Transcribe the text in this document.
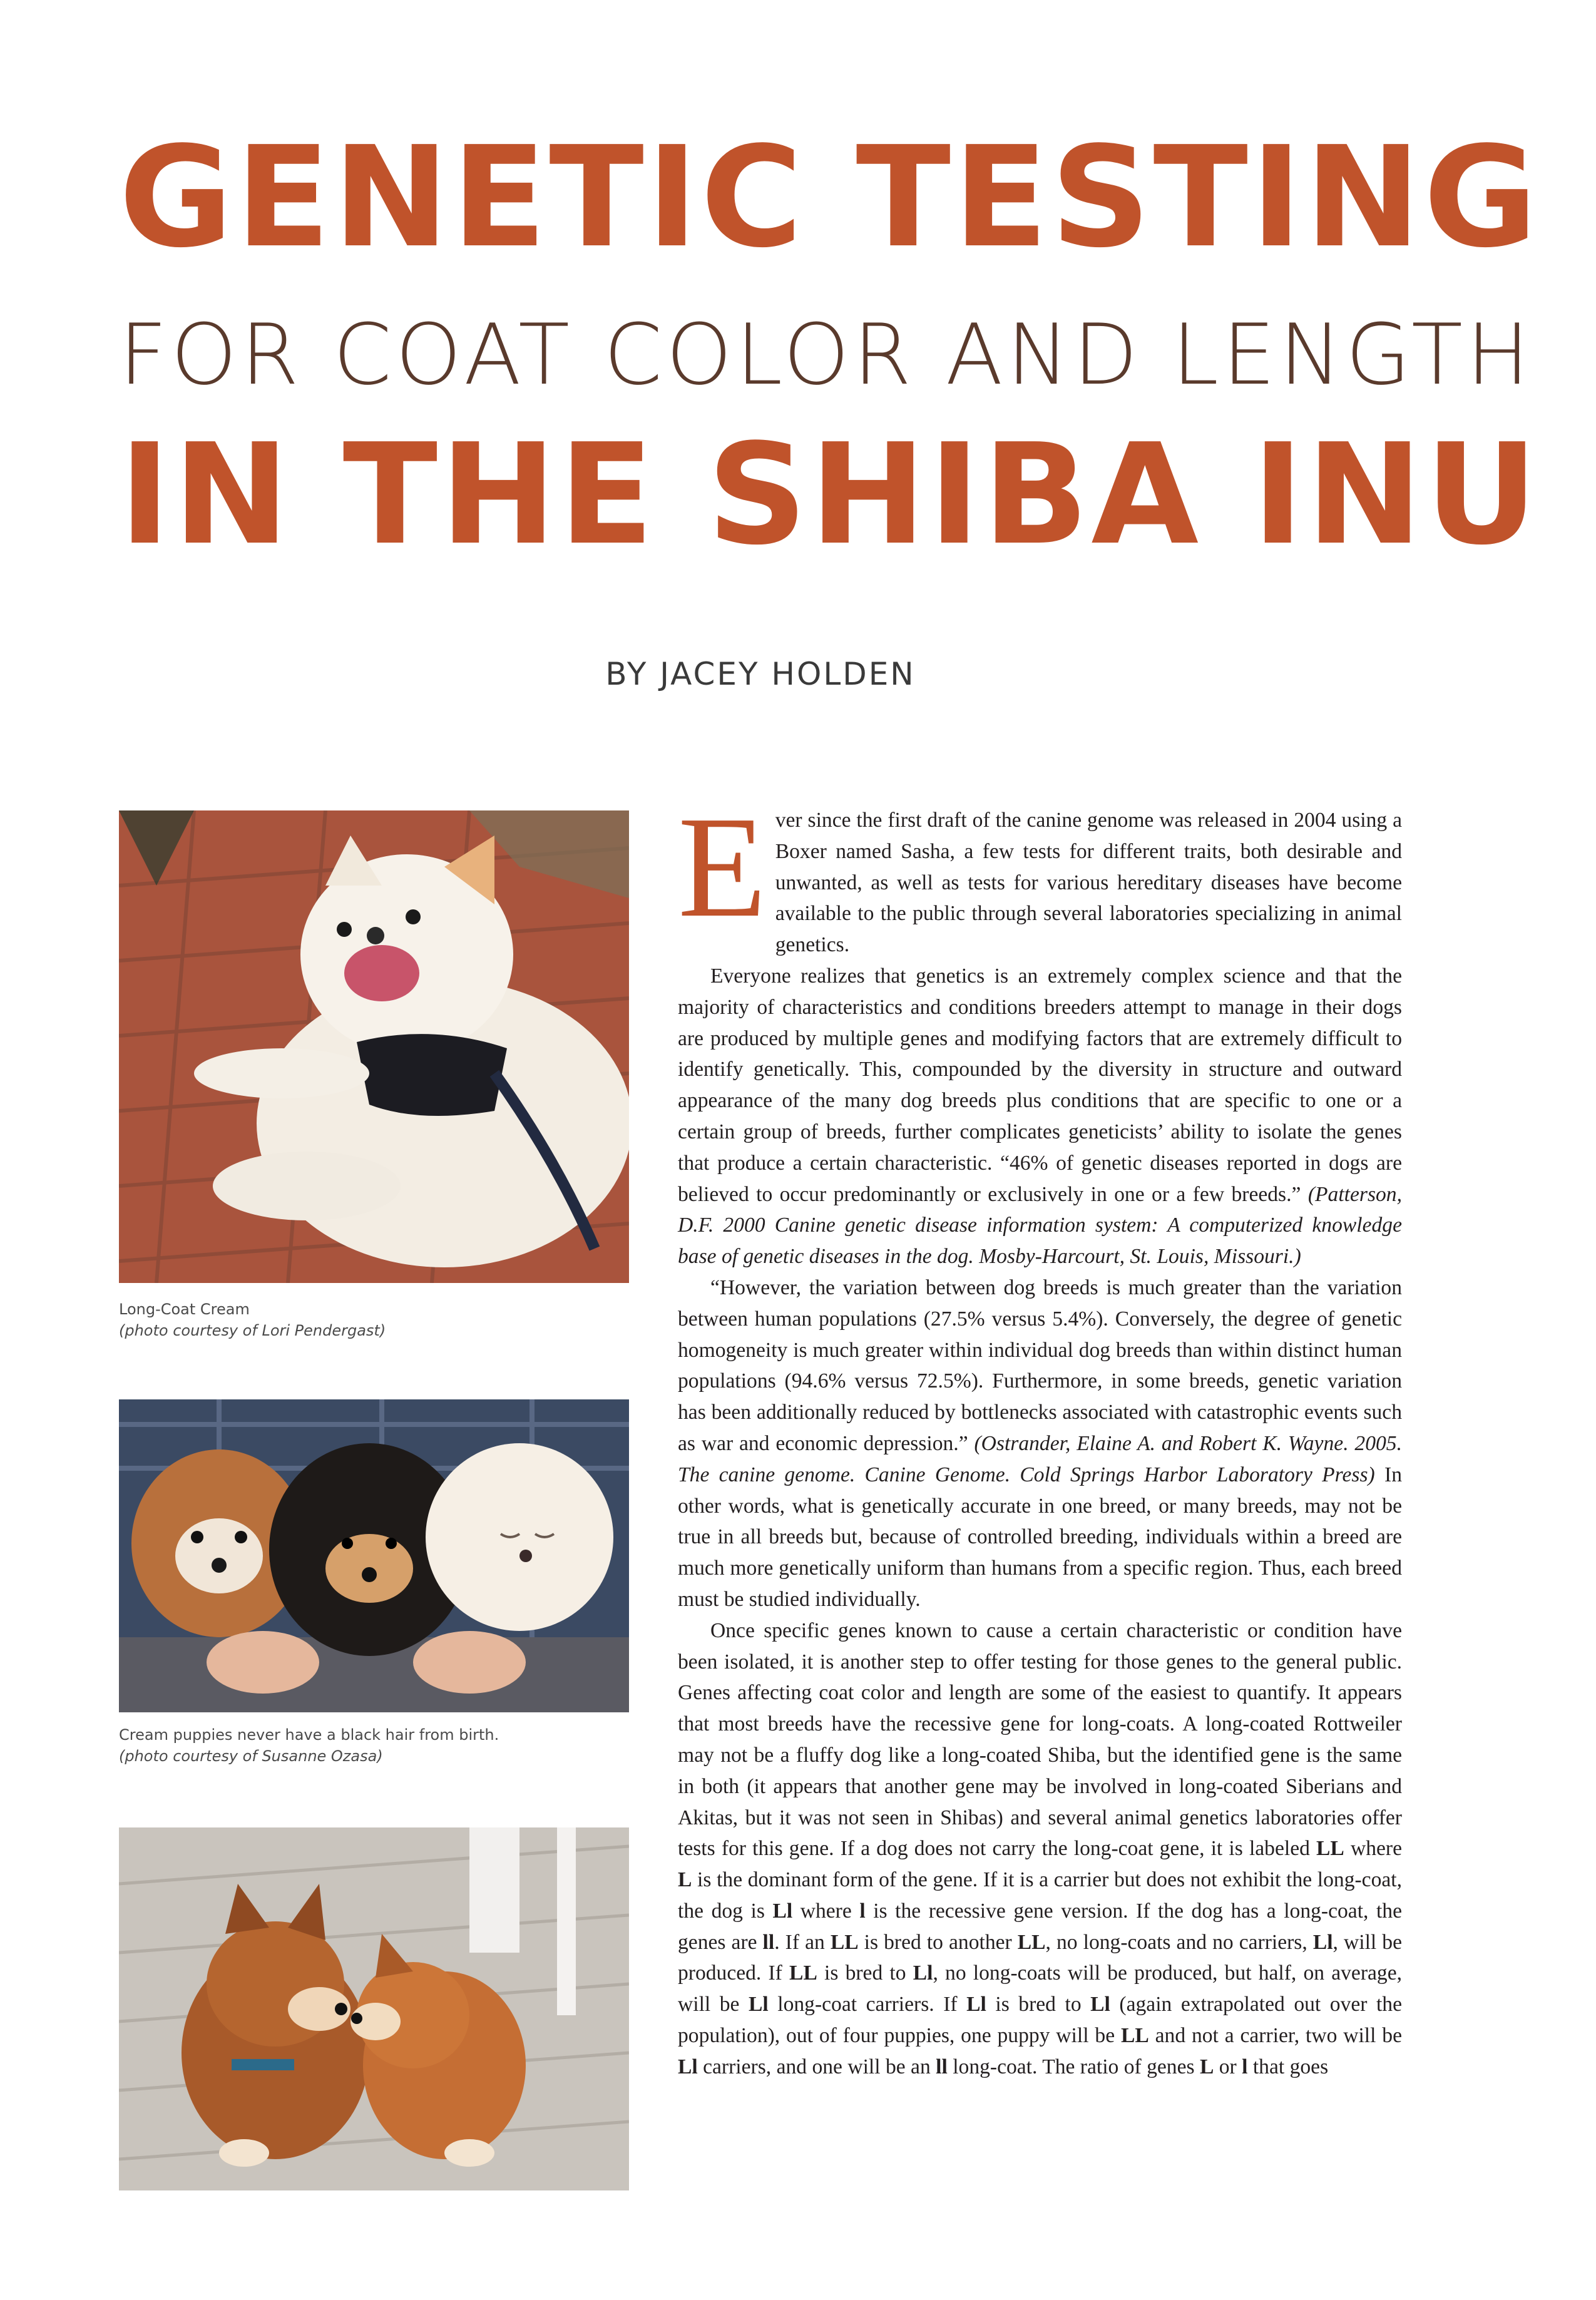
GENETIC TESTING
FOR COAT COLOR AND LENGTH
IN THE SHIBA INU

BY JACEY HOLDEN

Long-Coat Cream
(photo courtesy of Lori Pendergast)

Cream puppies never have a black hair from birth.
(photo courtesy of Susanne Ozasa)

Ever since the first draft of the canine genome was released in 2004 using a Boxer named Sasha, a few tests for different traits, both desirable and unwanted, as well as tests for various hereditary diseases have become available to the public through several laboratories specializing in animal genetics.

Everyone realizes that genetics is an extremely complex science and that the majority of characteristics and conditions breeders attempt to manage in their dogs are produced by multiple genes and modifying factors that are extremely difficult to identify genetically. This, compounded by the diversity in structure and outward appearance of the many dog breeds plus conditions that are specific to one or a certain group of breeds, further complicates geneticists’ ability to isolate the genes that produce a certain characteristic. “46% of genetic diseases reported in dogs are believed to occur predominantly or exclusively in one or a few breeds.” (Patterson, D.F. 2000 Canine genetic disease information system: A computerized knowledge base of genetic diseases in the dog. Mosby-Harcourt, St. Louis, Missouri.)

“However, the variation between dog breeds is much greater than the variation between human populations (27.5% versus 5.4%). Conversely, the degree of genetic homogeneity is much greater within individual dog breeds than within distinct human populations (94.6% versus 72.5%). Furthermore, in some breeds, genetic variation has been additionally reduced by bottlenecks associated with catastrophic events such as war and economic depression.” (Ostrander, Elaine A. and Robert K. Wayne. 2005. The canine genome. Canine Genome. Cold Springs Harbor Laboratory Press) In other words, what is genetically accurate in one breed, or many breeds, may not be true in all breeds but, because of controlled breeding, individuals within a breed are much more genetically uniform than humans from a specific region. Thus, each breed must be studied individually.

Once specific genes known to cause a certain characteristic or condition have been isolated, it is another step to offer testing for those genes to the general public. Genes affecting coat color and length are some of the easiest to quantify. It appears that most breeds have the recessive gene for long-coats. A long-coated Rottweiler may not be a fluffy dog like a long-coated Shiba, but the identified gene is the same in both (it appears that another gene may be involved in long-coated Siberians and Akitas, but it was not seen in Shibas) and several animal genetics laboratories offer tests for this gene. If a dog does not carry the long-coat gene, it is labeled LL where L is the dominant form of the gene. If it is a carrier but does not exhibit the long-coat, the dog is Ll where l is the recessive gene version. If the dog has a long-coat, the genes are ll. If an LL is bred to another LL, no long-coats and no carriers, Ll, will be produced. If LL is bred to Ll, no long-coats will be produced, but half, on average, will be Ll long-coat carriers. If Ll is bred to Ll (again extrapolated out over the population), out of four puppies, one puppy will be LL and not a carrier, two will be Ll carriers, and one will be an ll long-coat. The ratio of genes L or l that goes
